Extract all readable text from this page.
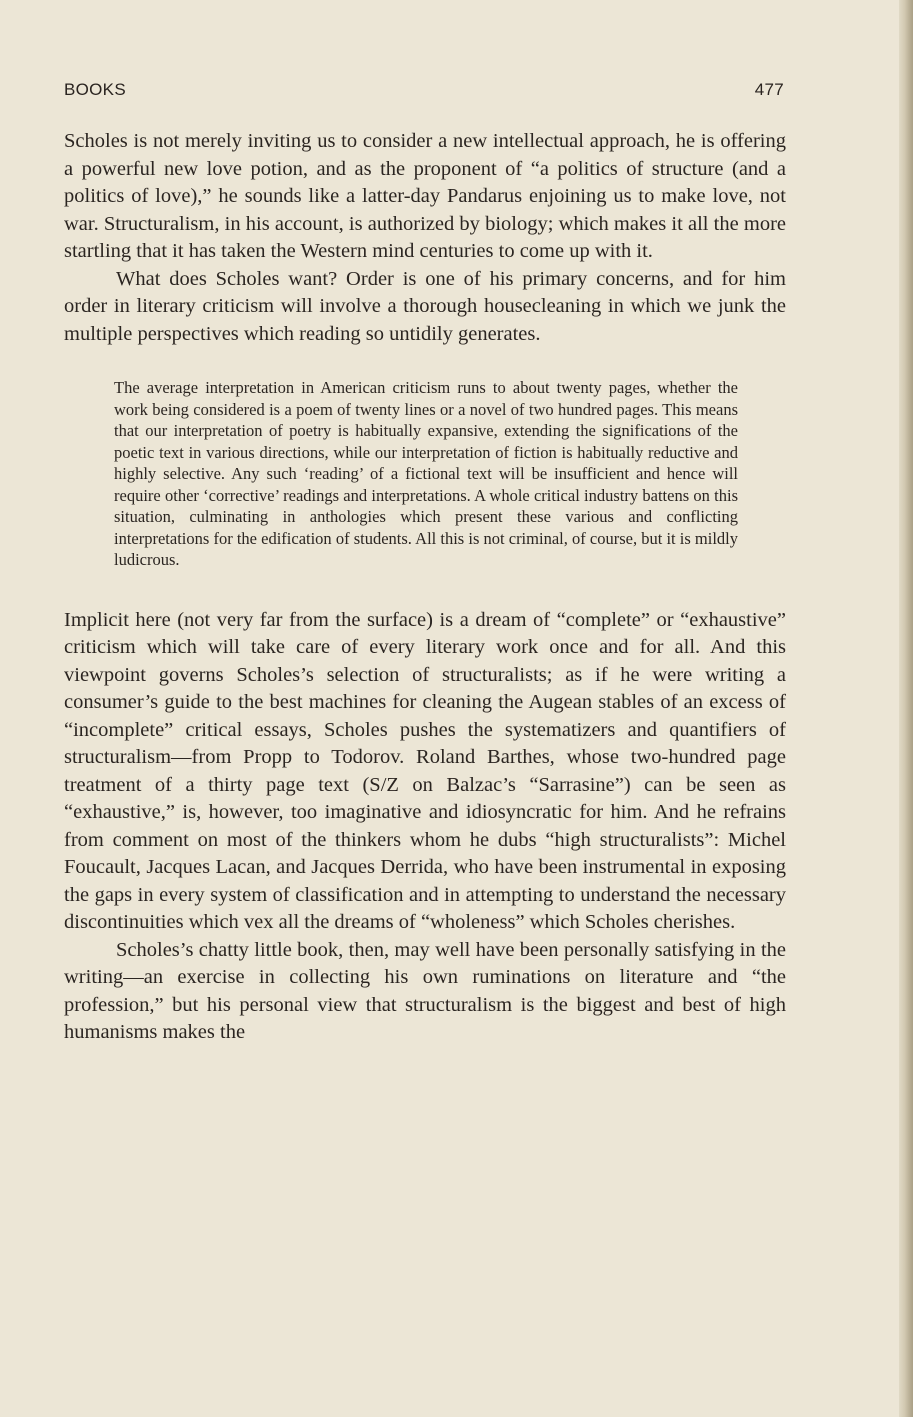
BOOKS	477

Scholes is not merely inviting us to consider a new intellectual approach, he is offering a powerful new love potion, and as the proponent of “a politics of structure (and a politics of love),” he sounds like a latter-day Pandarus enjoining us to make love, not war. Structuralism, in his account, is authorized by biology; which makes it all the more startling that it has taken the Western mind centuries to come up with it.

What does Scholes want? Order is one of his primary concerns, and for him order in literary criticism will involve a thorough housecleaning in which we junk the multiple perspectives which reading so untidily generates.

The average interpretation in American criticism runs to about twenty pages, whether the work being considered is a poem of twenty lines or a novel of two hundred pages. This means that our interpretation of poetry is habitually expansive, extending the significations of the poetic text in various directions, while our interpretation of fiction is habitually reductive and highly selective. Any such ‘reading’ of a fictional text will be insufficient and hence will require other ‘corrective’ readings and interpretations. A whole critical industry battens on this situation, culminating in anthologies which present these various and conflicting interpretations for the edification of students. All this is not criminal, of course, but it is mildly ludicrous.

Implicit here (not very far from the surface) is a dream of “complete” or “exhaustive” criticism which will take care of every literary work once and for all. And this viewpoint governs Scholes’s selection of structuralists; as if he were writing a consumer’s guide to the best machines for cleaning the Augean stables of an excess of “incomplete” critical essays, Scholes pushes the systematizers and quantifiers of structuralism—from Propp to Todorov. Roland Barthes, whose two-hundred page treatment of a thirty page text (S/Z on Balzac’s “Sarrasine”) can be seen as “exhaustive,” is, however, too imaginative and idiosyncratic for him. And he refrains from comment on most of the thinkers whom he dubs “high structuralists”: Michel Foucault, Jacques Lacan, and Jacques Derrida, who have been instrumental in exposing the gaps in every system of classification and in attempting to understand the necessary discontinuities which vex all the dreams of “wholeness” which Scholes cherishes.

Scholes’s chatty little book, then, may well have been personally satisfying in the writing—an exercise in collecting his own ruminations on literature and “the profession,” but his personal view that structuralism is the biggest and best of high humanisms makes the
